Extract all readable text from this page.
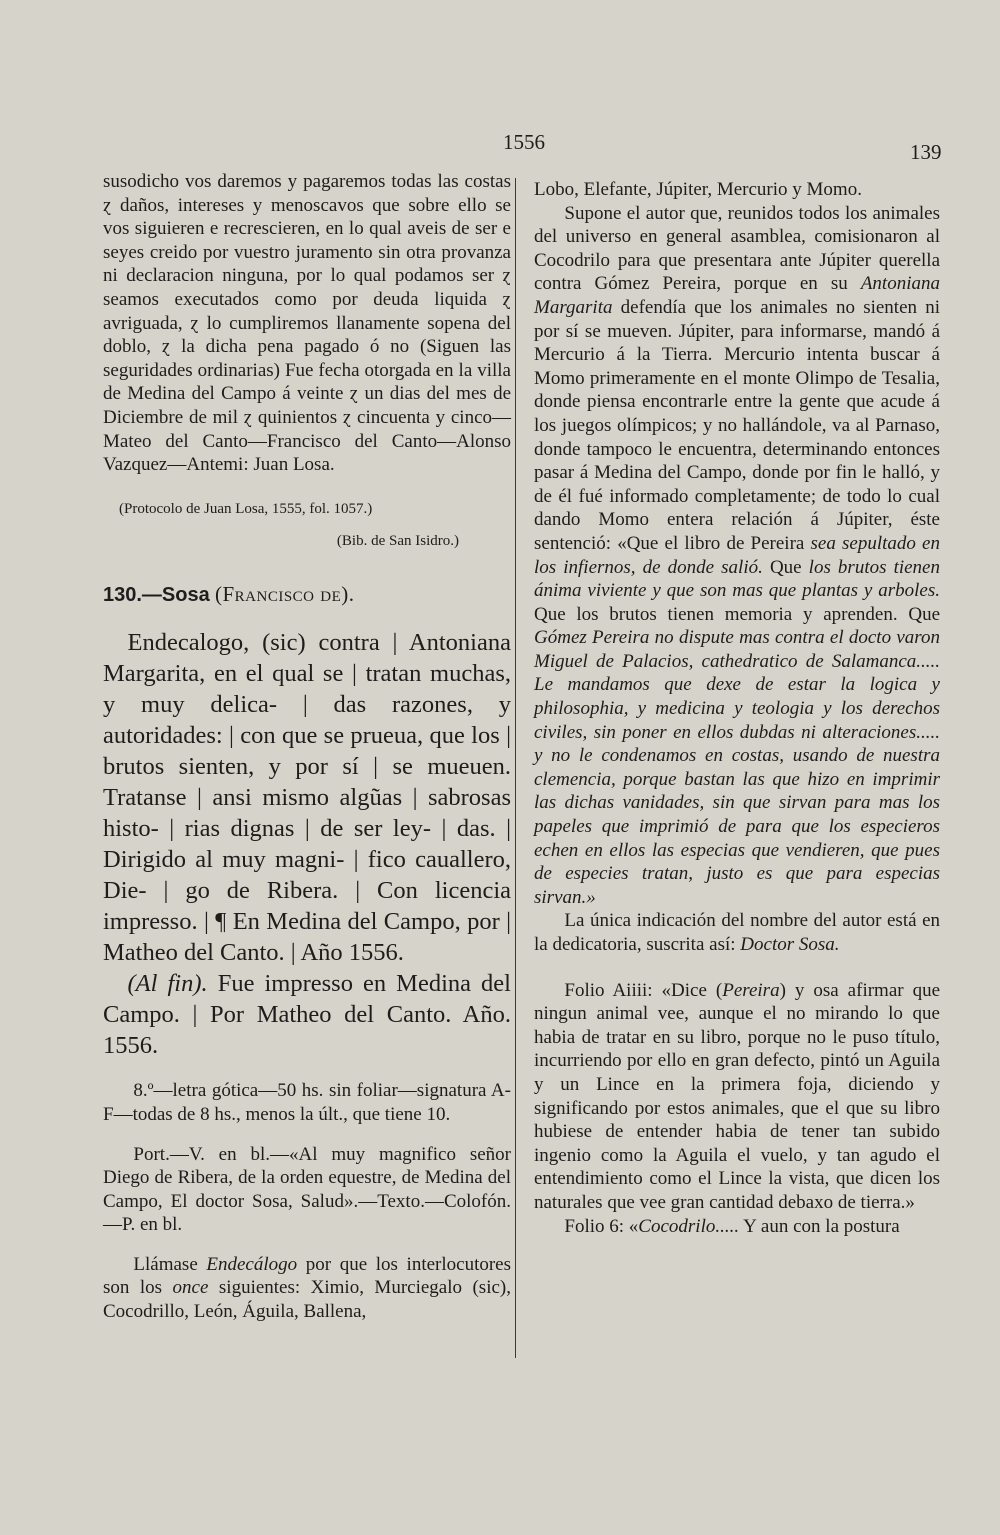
1556	139

susodicho vos daremos y pagaremos todas las costas ɀ daños, intereses y menoscavos que sobre ello se vos siguieren e recrescieren, en lo qual aveis de ser e seyes creido por vuestro juramento sin otra provanza ni declaracion ninguna, por lo qual podamos ser ɀ seamos executados como por deuda liquida ɀ avriguada, ɀ lo cumpliremos llanamente sopena del doblo, ɀ la dicha pena pagado ó no (Siguen las seguridades ordinarias) Fue fecha otorgada en la villa de Medina del Campo á veinte ɀ un dias del mes de Diciembre de mil ɀ quinientos ɀ cincuenta y cinco—Mateo del Canto—Francisco del Canto—Alonso Vazquez—Antemi: Juan Losa.

(Protocolo de Juan Losa, 1555, fol. 1057.)

(Bib. de San Isidro.)

130.—Sosa (Francisco de).

Endecalogo, (sic) contra | Antoniana Margarita, en el qual se | tratan muchas, y muy delica- | das razones, y autoridades: | con que se prueua, que los | brutos sienten, y por sí | se mueuen. Tratanse | ansi mismo algũas | sabrosas histo- | rias dignas | de ser ley- | das. | Dirigido al muy magni- | fico cauallero, Die- | go de Ribera. | Con licencia impresso. | ¶ En Medina del Campo, por | Matheo del Canto. | Año 1556.

(Al fin). Fue impresso en Medina del Campo. | Por Matheo del Canto. Año. 1556.

8.º—letra gótica—50 hs. sin foliar—signatura A-F—todas de 8 hs., menos la últ., que tiene 10.

Port.—V. en bl.—«Al muy magnifico señor Diego de Ribera, de la orden equestre, de Medina del Campo, El doctor Sosa, Salud».—Texto.—Colofón.—P. en bl.

Llámase Endecálogo por que los interlocutores son los once siguientes: Ximio, Murciegalo (sic), Cocodrillo, León, Águila, Ballena,

Lobo, Elefante, Júpiter, Mercurio y Momo.

Supone el autor que, reunidos todos los animales del universo en general asamblea, comisionaron al Cocodrilo para que presentara ante Júpiter querella contra Gómez Pereira, porque en su Antoniana Margarita defendía que los animales no sienten ni por sí se mueven. Júpiter, para informarse, mandó á Mercurio á la Tierra. Mercurio intenta buscar á Momo primeramente en el monte Olimpo de Tesalia, donde piensa encontrarle entre la gente que acude á los juegos olímpicos; y no hallándole, va al Parnaso, donde tampoco le encuentra, determinando entonces pasar á Medina del Campo, donde por fin le halló, y de él fué informado completamente; de todo lo cual dando Momo entera relación á Júpiter, éste sentenció: «Que el libro de Pereira sea sepultado en los infiernos, de donde salió. Que los brutos tienen ánima viviente y que son mas que plantas y arboles. Que los brutos tienen memoria y aprenden. Que Gómez Pereira no dispute mas contra el docto varon Miguel de Palacios, cathedratico de Salamanca..... Le mandamos que dexe de estar la logica y philosophia, y medicina y teologia y los derechos civiles, sin poner en ellos dubdas ni alteraciones..... y no le condenamos en costas, usando de nuestra clemencia, porque bastan las que hizo en imprimir las dichas vanidades, sin que sirvan para mas los papeles que imprimió de para que los especieros echen en ellos las especias que vendieren, que pues de especies tratan, justo es que para especias sirvan.»

La única indicación del nombre del autor está en la dedicatoria, suscrita así: Doctor Sosa.

Folio Aiiii: «Dice (Pereira) y osa afirmar que ningun animal vee, aunque el no mirando lo que habia de tratar en su libro, porque no le puso título, incurriendo por ello en gran defecto, pintó un Aguila y un Lince en la primera foja, diciendo y significando por estos animales, que el que su libro hubiese de entender habia de tener tan subido ingenio como la Aguila el vuelo, y tan agudo el entendimiento como el Lince la vista, que dicen los naturales que vee gran cantidad debaxo de tierra.»

Folio 6: «Cocodrilo..... Y aun con la postura
